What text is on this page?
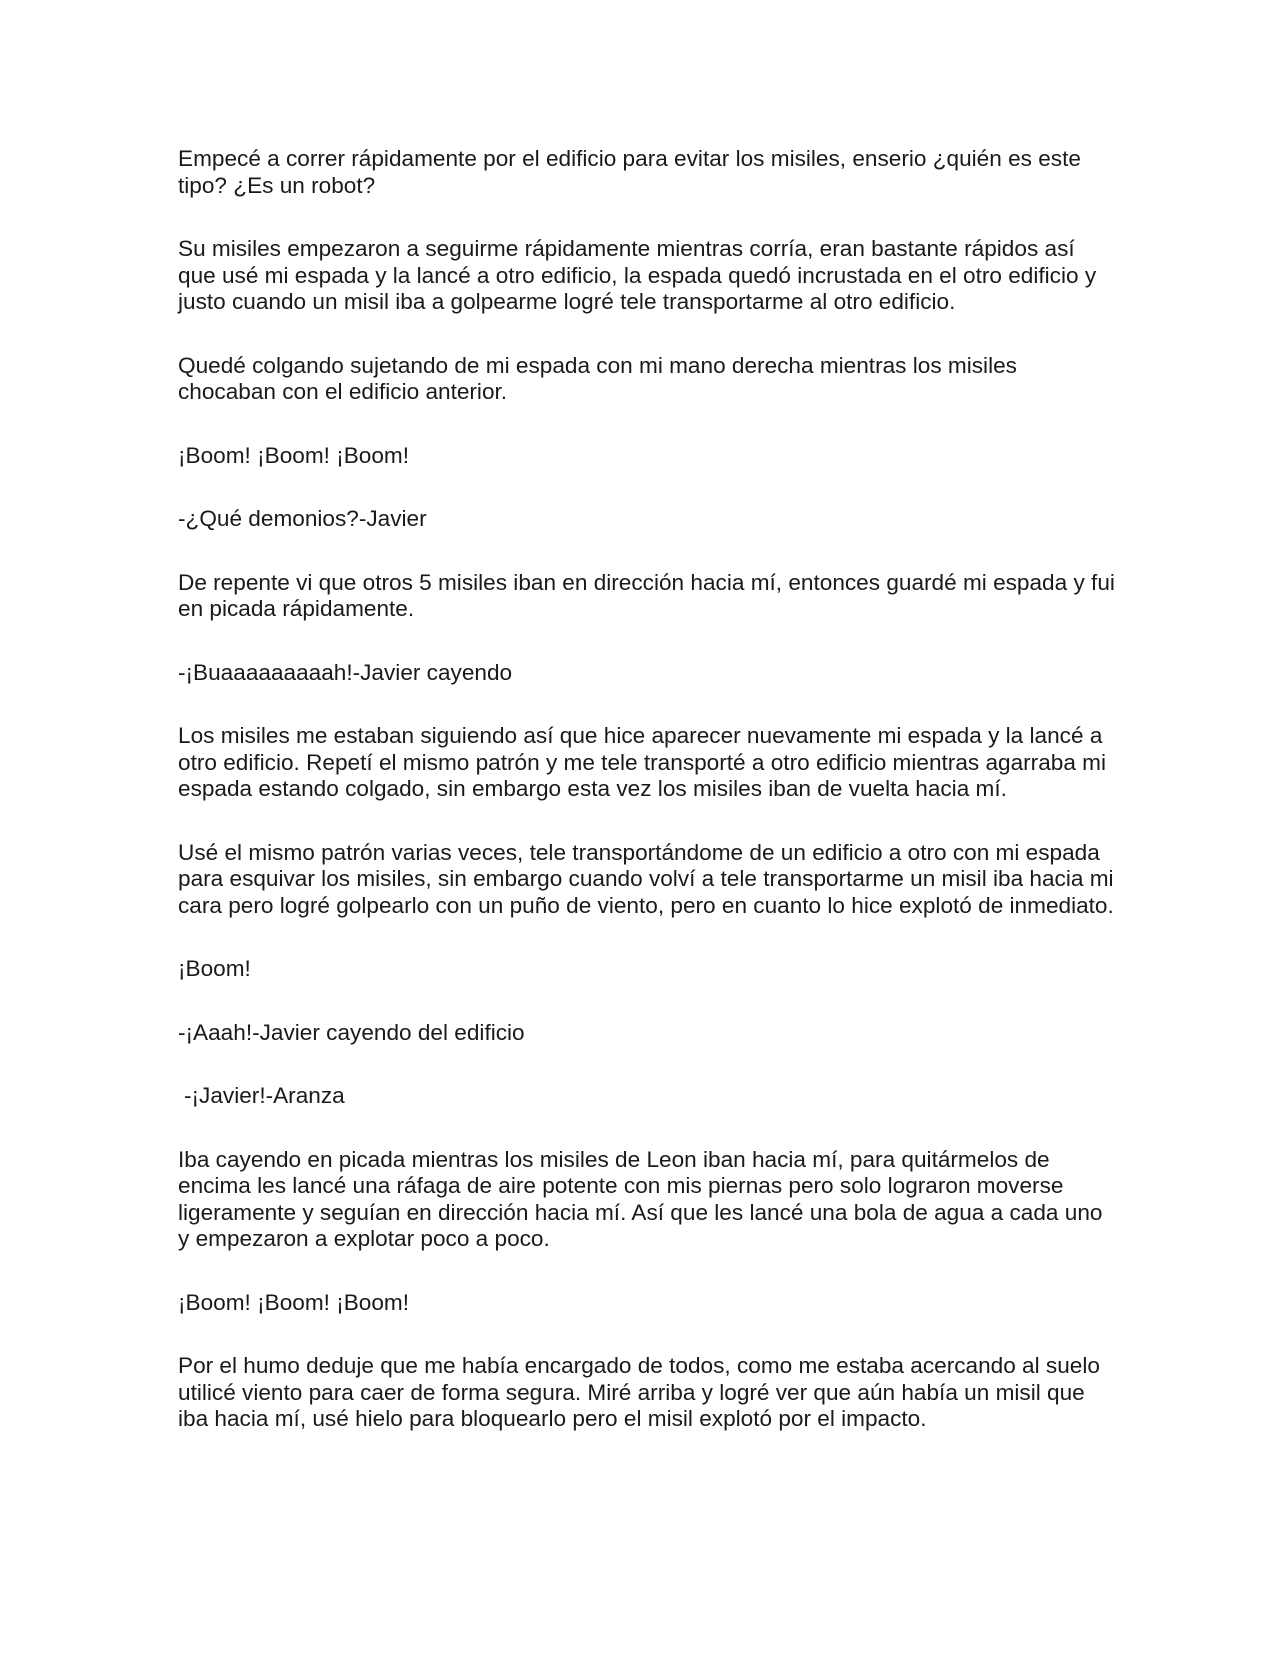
Empecé a correr rápidamente por el edificio para evitar los misiles, enserio ¿quién es este tipo? ¿Es un robot?

Su misiles empezaron a seguirme rápidamente mientras corría, eran bastante rápidos así que usé mi espada y la lancé a otro edificio, la espada quedó incrustada en el otro edificio y justo cuando un misil iba a golpearme logré tele transportarme al otro edificio.

Quedé colgando sujetando de mi espada con mi mano derecha mientras los misiles chocaban con el edificio anterior.

¡Boom! ¡Boom! ¡Boom!

-¿Qué demonios?-Javier

De repente vi que otros 5 misiles iban en dirección hacia mí, entonces guardé mi espada y fui en picada rápidamente.

-¡Buaaaaaaaaah!-Javier cayendo

Los misiles me estaban siguiendo así que hice aparecer nuevamente mi espada y la lancé a otro edificio. Repetí el mismo patrón y me tele transporté a otro edificio mientras agarraba mi espada estando colgado, sin embargo esta vez los misiles iban de vuelta hacia mí.

Usé el mismo patrón varias veces, tele transportándome de un edificio a otro con mi espada para esquivar los misiles, sin embargo cuando volví a tele transportarme un misil iba hacia mi cara pero logré golpearlo con un puño de viento, pero en cuanto lo hice explotó de inmediato.

¡Boom!

-¡Aaah!-Javier cayendo del edificio

-¡Javier!-Aranza

Iba cayendo en picada mientras los misiles de Leon iban hacia mí, para quitármelos de encima les lancé una ráfaga de aire potente con mis piernas pero solo lograron moverse ligeramente y seguían en dirección hacia mí. Así que les lancé una bola de agua a cada uno y empezaron a explotar poco a poco.

¡Boom! ¡Boom! ¡Boom!

Por el humo deduje que me había encargado de todos, como me estaba acercando al suelo utilicé viento para caer de forma segura. Miré arriba y logré ver que aún había un misil que iba hacia mí, usé hielo para bloquearlo pero el misil explotó por el impacto.
